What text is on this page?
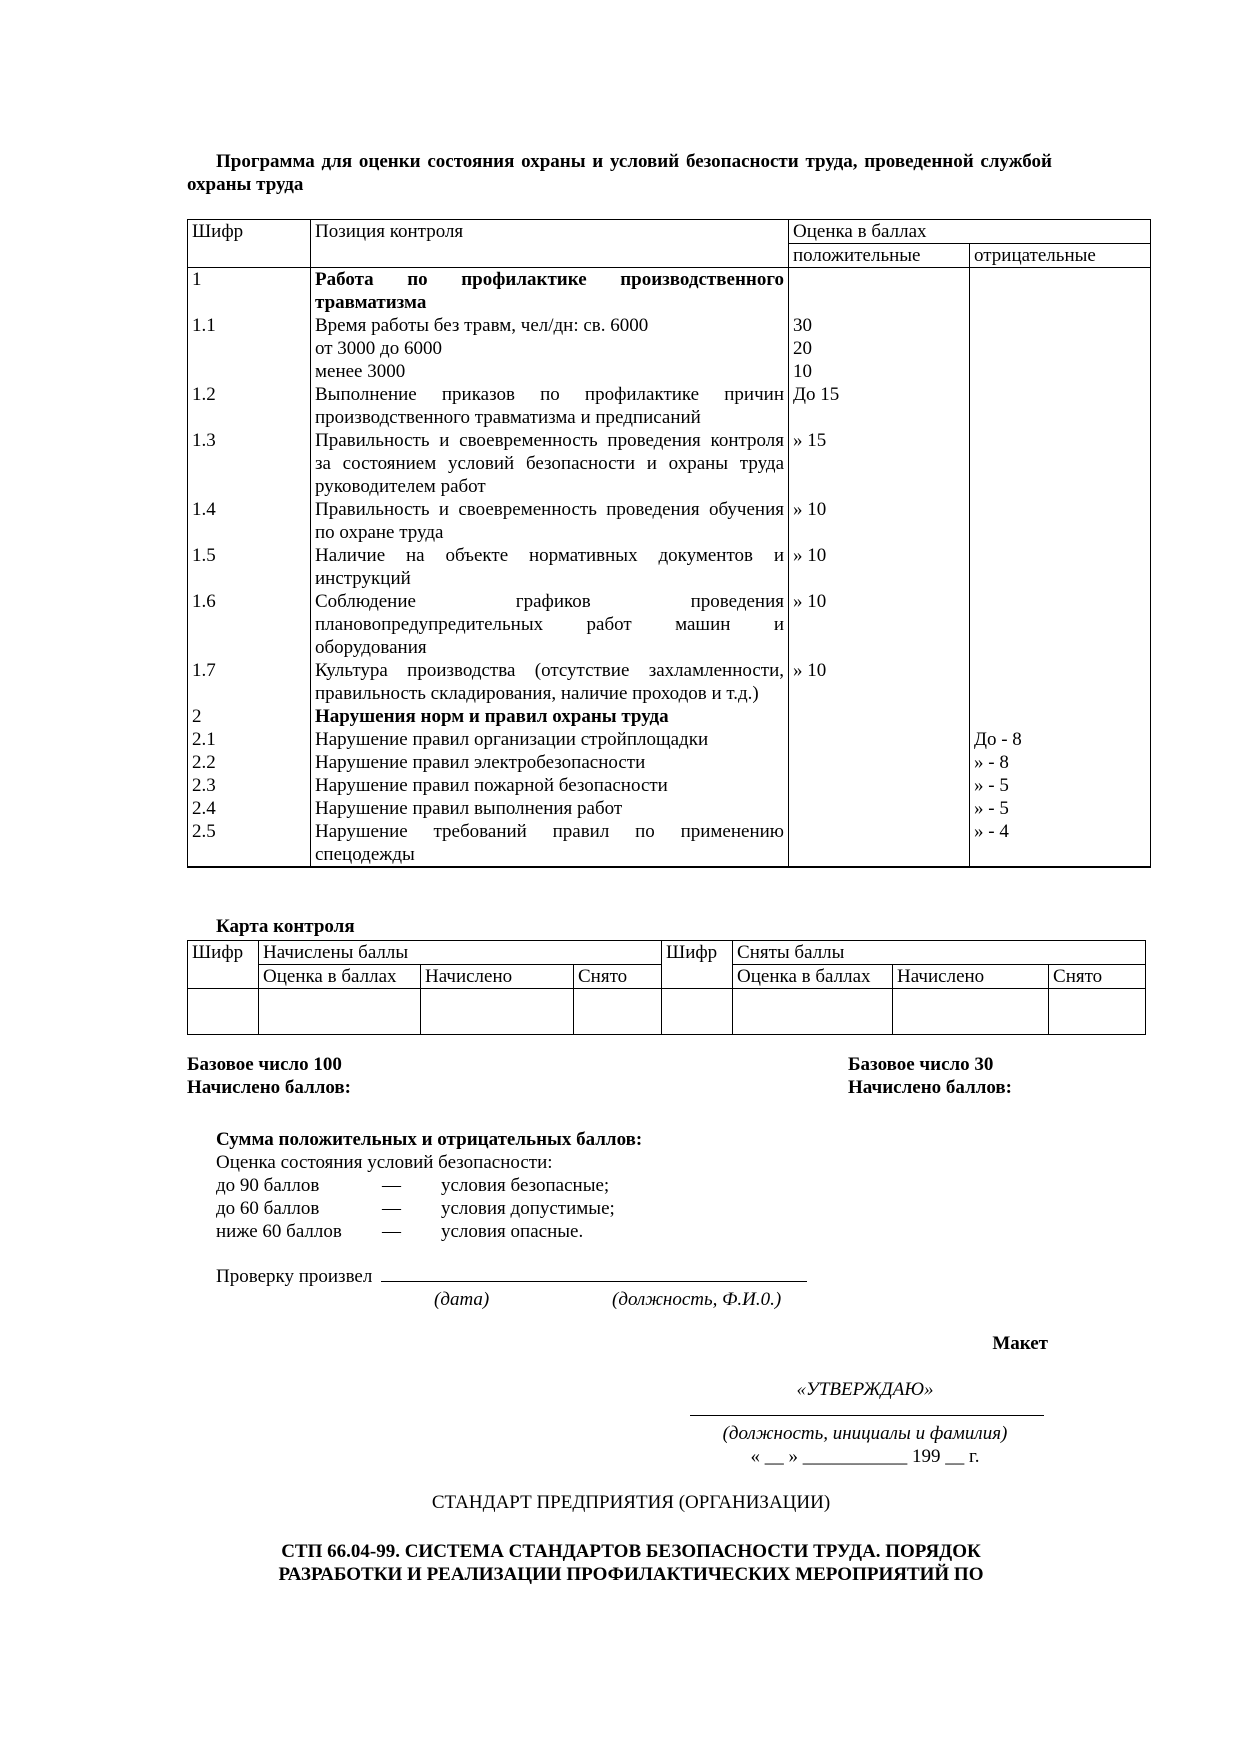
Программа для оценки состояния охраны и условий безопасности труда, проведенной службой охраны труда
Шифр	Позиция контроля	Оценка в баллах	
		положительные	отрицательные
1	Работа по профилактике производственного травматизма		
1.1	Время работы без травм, чел/дн: св. 6000	30	
	от 3000 до 6000	20	
	менее 3000	10	
1.2	Выполнение приказов по профилактике причин производственного травматизма и предписаний	До 15	
1.3	Правильность и своевременность проведения контроля за состоянием условий безопасности и охраны труда руководителем работ	» 15	
1.4	Правильность и своевременность проведения обучения по охране труда	» 10	
1.5	Наличие на объекте нормативных документов и инструкций	» 10	
1.6	Соблюдение графиков проведения плановопредупредительных работ машин и оборудования	» 10	
1.7	Культура производства (отсутствие захламленности, правильность складирования, наличие проходов и т.д.)	» 10	
2	Нарушения норм и правил охраны труда		
2.1	Нарушение правил организации стройплощадки		До - 8
2.2	Нарушение правил электробезопасности		» - 8
2.3	Нарушение правил пожарной безопасности		» - 5
2.4	Нарушение правил выполнения работ		» - 5
2.5	Нарушение требований правил по применению спецодежды		» - 4
Карта контроля
Шифр	Начислены баллы			Шифр	Сняты баллы		
	Оценка в баллах	Начислено	Снято		Оценка в баллах	Начислено	Снято

Базовое число 100
Начислено баллов:
Базовое число 30
Начислено баллов:
Сумма положительных и отрицательных баллов:
Оценка состояния условий безопасности:
до 90 баллов	—	условия безопасные;
до 60 баллов	—	условия допустимые;
ниже 60 баллов	—	условия опасные.
Проверку произвел
(дата)	(должность, Ф.И.0.)
Макет
«УТВЕРЖДАЮ»
(должность, инициалы и фамилия)
« __ » ___________ 199 __ г.
СТАНДАРТ ПРЕДПРИЯТИЯ (ОРГАНИЗАЦИИ)
СТП 66.04-99. СИСТЕМА СТАНДАРТОВ БЕЗОПАСНОСТИ ТРУДА. ПОРЯДОК
РАЗРАБОТКИ И РЕАЛИЗАЦИИ ПРОФИЛАКТИЧЕСКИХ МЕРОПРИЯТИЙ ПО
